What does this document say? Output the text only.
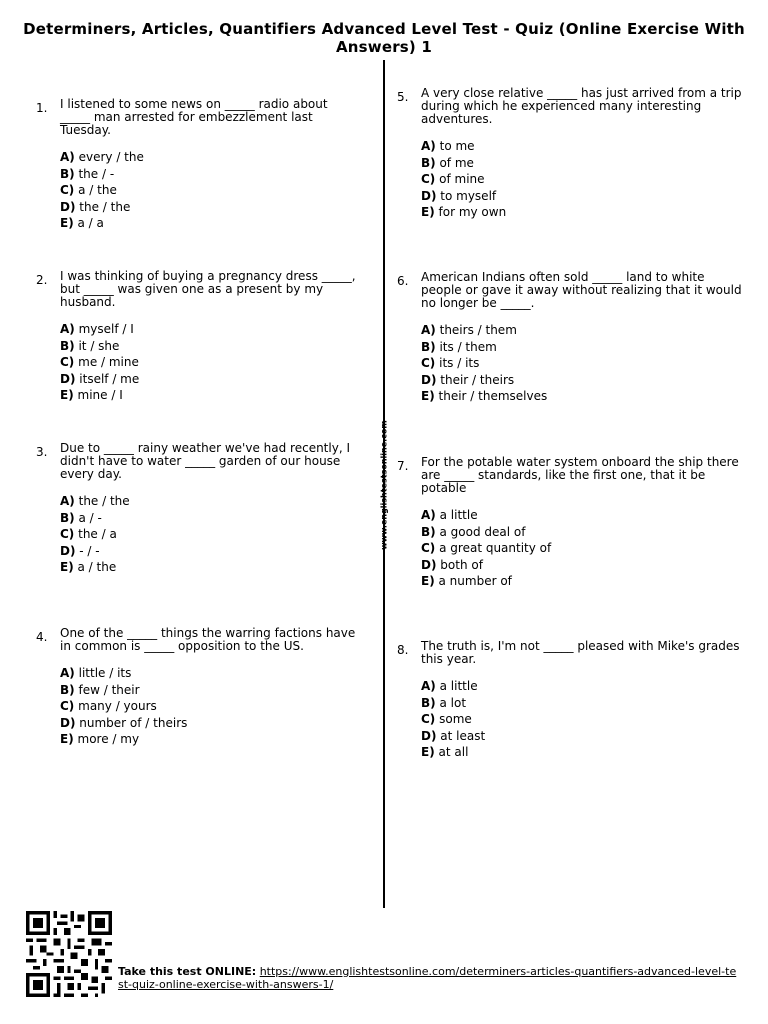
Determiners, Articles, Quantifiers Advanced Level Test - Quiz (Online Exercise With Answers) 1
www.englishtestsonline.com
1.	I listened to some news on _____ radio about _____ man arrested for embezzlement last Tuesday.
A) every / the
B) the / -
C) a / the
D) the / the
E) a / a
2.	I was thinking of buying a pregnancy dress _____, but _____ was given one as a present by my husband.
A) myself / I
B) it / she
C) me / mine
D) itself / me
E) mine / I
3.	Due to _____ rainy weather we've had recently, I didn't have to water _____ garden of our house every day.
A) the / the
B) a / -
C) the / a
D) - / -
E) a / the
4.	One of the _____ things the warring factions have in common is _____ opposition to the US.
A) little / its
B) few / their
C) many / yours
D) number of / theirs
E) more / my
5.	A very close relative _____ has just arrived from a trip during which he experienced many interesting adventures.
A) to me
B) of me
C) of mine
D) to myself
E) for my own
6.	American Indians often sold _____ land to white people or gave it away without realizing that it would no longer be _____.
A) theirs / them
B) its / them
C) its / its
D) their / theirs
E) their / themselves
7.	For the potable water system onboard the ship there are _____ standards, like the first one, that it be potable
A) a little
B) a good deal of
C) a great quantity of
D) both of
E) a number of
8.	The truth is, I'm not _____ pleased with Mike's grades this year.
A) a little
B) a lot
C) some
D) at least
E) at all
Take this test ONLINE: https://www.englishtestsonline.com/determiners-articles-quantifiers-advanced-level-test-quiz-online-exercise-with-answers-1/
